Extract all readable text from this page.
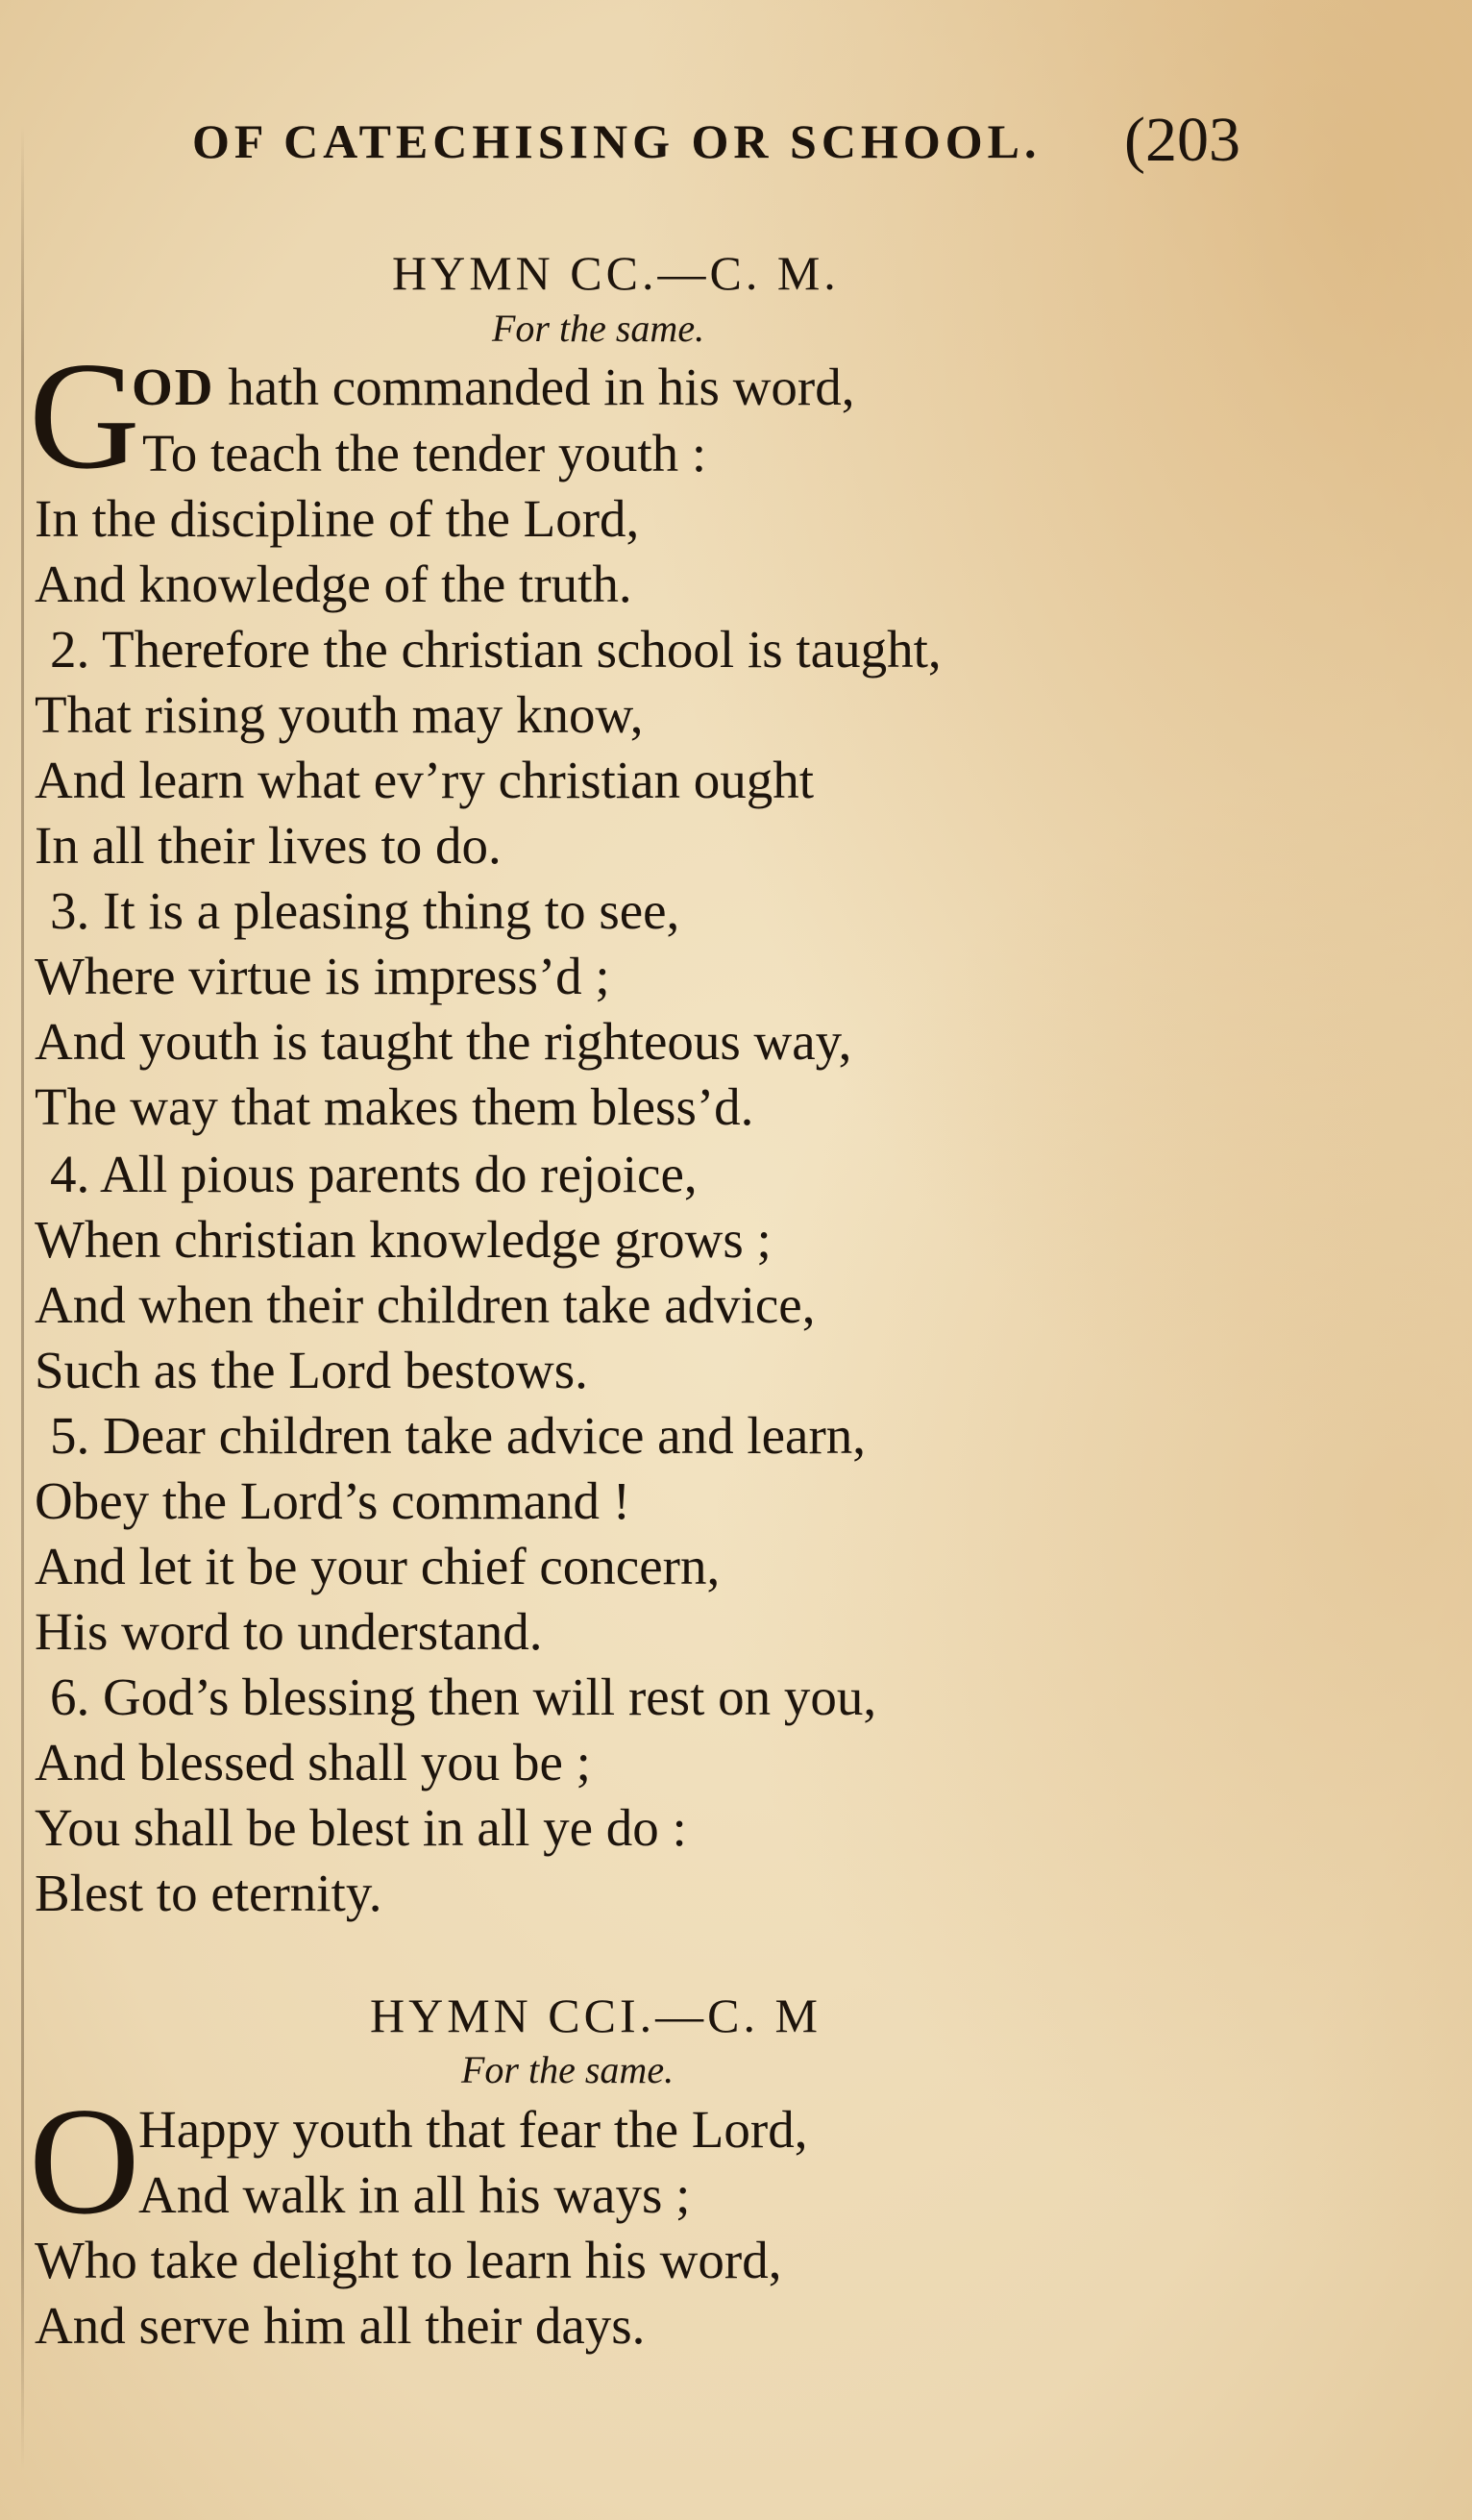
OF CATECHISING OR SCHOOL. (203
HYMN CC.—C. M.
For the same.
G
OD hath commanded in his word,
To teach the tender youth :
In the discipline of the Lord,
And knowledge of the truth.
2. Therefore the christian school is taught,
That rising youth may know,
And learn what ev’ry christian ought
In all their lives to do.
3. It is a pleasing thing to see,
Where virtue is impress’d ;
And youth is taught the righteous way,
The way that makes them bless’d.
4. All pious parents do rejoice,
When christian knowledge grows ;
And when their children take advice,
Such as the Lord bestows.
5. Dear children take advice and learn,
Obey the Lord’s command !
And let it be your chief concern,
His word to understand.
6. God’s blessing then will rest on you,
And blessed shall you be ;
You shall be blest in all ye do :
Blest to eternity.
HYMN CCI.—C. M
For the same.
O
Happy youth that fear the Lord,
And walk in all his ways ;
Who take delight to learn his word,
And serve him all their days.
